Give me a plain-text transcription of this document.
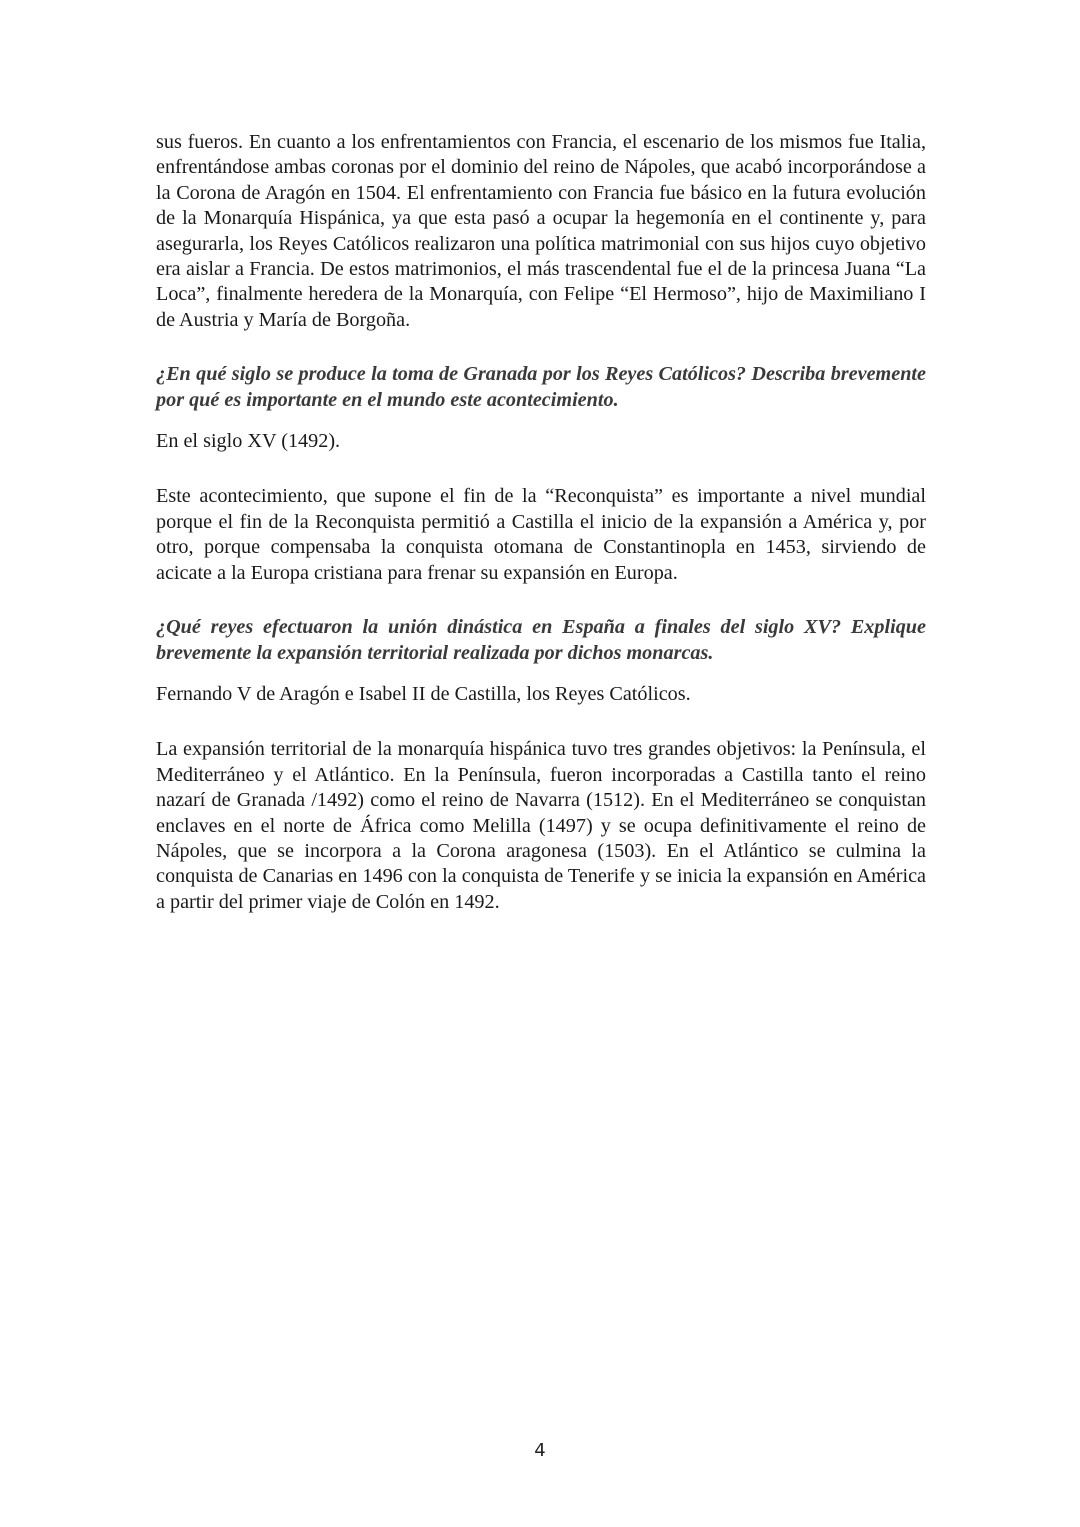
sus fueros. En cuanto a los enfrentamientos con Francia, el escenario de los mismos fue Italia, enfrentándose ambas coronas por el dominio del reino de Nápoles, que acabó incorporándose a la Corona de Aragón en 1504. El enfrentamiento con Francia fue básico en la futura evolución de la Monarquía Hispánica, ya que esta pasó a ocupar la hegemonía en el continente y, para asegurarla, los Reyes Católicos realizaron una política matrimonial con sus hijos cuyo objetivo era aislar a Francia. De estos matrimonios, el más trascendental fue el de la princesa Juana “La Loca”, finalmente heredera de la Monarquía, con Felipe “El Hermoso”, hijo de Maximiliano I de Austria y María de Borgoña.

¿En qué siglo se produce la toma de Granada por los Reyes Católicos? Describa brevemente por qué es importante en el mundo este acontecimiento.

En el siglo XV (1492).

Este acontecimiento, que supone el fin de la “Reconquista” es importante a nivel mundial porque el fin de la Reconquista permitió a Castilla el inicio de la expansión a América y, por otro, porque compensaba la conquista otomana de Constantinopla en 1453, sirviendo de acicate a la Europa cristiana para frenar su expansión en Europa.

¿Qué reyes efectuaron la unión dinástica en España a finales del siglo XV? Explique brevemente la expansión territorial realizada por dichos monarcas.

Fernando V de Aragón e Isabel II de Castilla, los Reyes Católicos.

La expansión territorial de la monarquía hispánica tuvo tres grandes objetivos: la Península, el Mediterráneo y el Atlántico. En la Península, fueron incorporadas a Castilla tanto el reino nazarí de Granada /1492) como el reino de Navarra (1512). En el Mediterráneo se conquistan enclaves en el norte de África como Melilla (1497) y se ocupa definitivamente el reino de Nápoles, que se incorpora a la Corona aragonesa (1503). En el Atlántico se culmina la conquista de Canarias en 1496 con la conquista de Tenerife y se inicia la expansión en América a partir del primer viaje de Colón en 1492.

4
